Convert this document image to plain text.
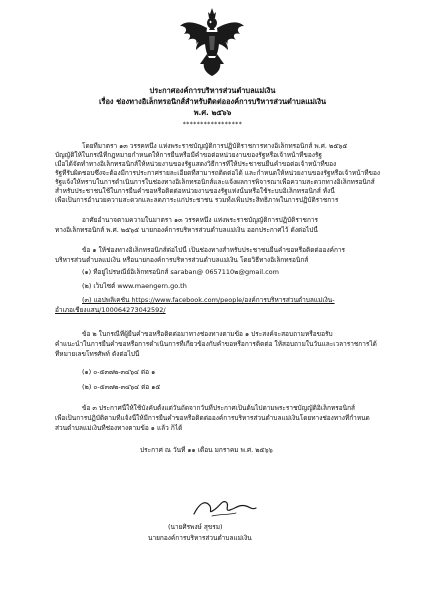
ประกาศองค์การบริหารส่วนตำบลแม่เงิน
เรื่อง ช่องทางอิเล็กทรอนิกส์สำหรับติดต่อองค์การบริหารส่วนตำบลแม่เงิน
พ.ศ. ๒๕๖๖
*****************
โดยที่มาตรา ๑๓ วรรคหนึ่ง แห่งพระราชบัญญัติการปฏิบัติราชการทางอิเล็กทรอนิกส์ พ.ศ. ๒๕๖๕
บัญญัติให้ในกรณีที่กฎหมายกำหนดให้การยื่นหรือมีคำขอต่อหน่วยงานของรัฐหรือเจ้าหน้าที่ของรัฐ
เมื่อได้จัดทำทางอิเล็กทรอนิกส์ให้หน่วยงานของรัฐแสดงวิธีการที่ให้ประชาชนยื่นคำขอต่อเจ้าหน้าที่ของ
รัฐที่รับผิดชอบซึ่งจะต้องมีการประกาศรายละเอียดที่สามารถติดต่อได้ และกำหนดให้หน่วยงานของรัฐหรือเจ้าหน้าที่ของ
รัฐแจ้งให้ทราบในการดำเนินการในช่องทางอิเล็กทรอนิกส์และแจ้งผลการพิจารณาเพื่อความสะดวกทางอิเล็กทรอนิกส์
สำหรับประชาชนใช้ในการยื่นคำขอหรือติดต่อหน่วยงานของรัฐแห่งนั้นหรือใช้ระบบอิเล็กทรอนิกส์ ทั้งนี้
เพื่อเป็นการอำนวยความสะดวกและลดภาระแก่ประชาชน รวมทั้งเพิ่มประสิทธิภาพในการปฏิบัติราชการ
อาศัยอำนาจตามความในมาตรา ๑๓ วรรคหนึ่ง แห่งพระราชบัญญัติการปฏิบัติราชการ
ทางอิเล็กทรอนิกส์ พ.ศ. ๒๕๖๕ นายกองค์การบริหารส่วนตำบลแม่เงิน ออกประกาศไว้ ดังต่อไปนี้
ข้อ ๑ ให้ช่องทางอิเล็กทรอนิกส์ต่อไปนี้ เป็นช่องทางสำหรับประชาชนยื่นคำขอหรือติดต่อองค์การ
บริหารส่วนตำบลแม่เงิน หรือนายกองค์การบริหารส่วนตำบลแม่เงิน โดยวิธีทางอิเล็กทรอนิกส์
(๑) ที่อยู่ไปรษณีย์อิเล็กทรอนิกส์ saraban@ 0657110๒@gmail.com
(๒) เว็บไซต์ www.maengern.go.th
(๓) แอปพลิเคชัน https://www.facebook.com/people/องค์การบริหารส่วนตำบลแม่เงิน-
อำเภอเชียงแสน/100064273042592/
ข้อ ๒ ในกรณีที่ผู้ยื่นคำขอหรือติดต่อมาทางช่องทางตามข้อ ๑ ประสงค์จะสอบถามหรือขอรับ
คำแนะนำในการยื่นคำขอหรือการดำเนินการที่เกี่ยวข้องกับคำขอหรือการติดต่อ ให้สอบถามในวันและเวลาราชการได้
ที่หมายเลขโทรศัพท์ ดังต่อไปนี้
(๑) ๐-๕๓๗๒-๓๔๖๔ ต่อ ๑
(๒) ๐-๕๓๗๒-๓๔๖๔ ต่อ ๑๕
ข้อ ๓ ประกาศนี้ให้ใช้บังคับตั้งแต่วันถัดจากวันที่ประกาศเป็นต้นไปตามพระราชบัญญัติอิเล็กทรอนิกส์
เพื่อเป็นการปฏิบัติตามที่แจ้งนี้ให้มีการยื่นคำขอหรือติดต่อองค์การบริหารส่วนตำบลแม่เงินโดยทางช่องทางที่กำหนด
ส่วนตำบลแม่เงินที่ช่องทางตามข้อ ๑ แล้ว ก็ได้
ประกาศ ณ วันที่ ๑๑ เดือน มกราคม พ.ศ. ๒๕๖๖
(นายศิรพงษ์ สุขรม)
นายกองค์การบริหารส่วนตำบลแม่เงิน
